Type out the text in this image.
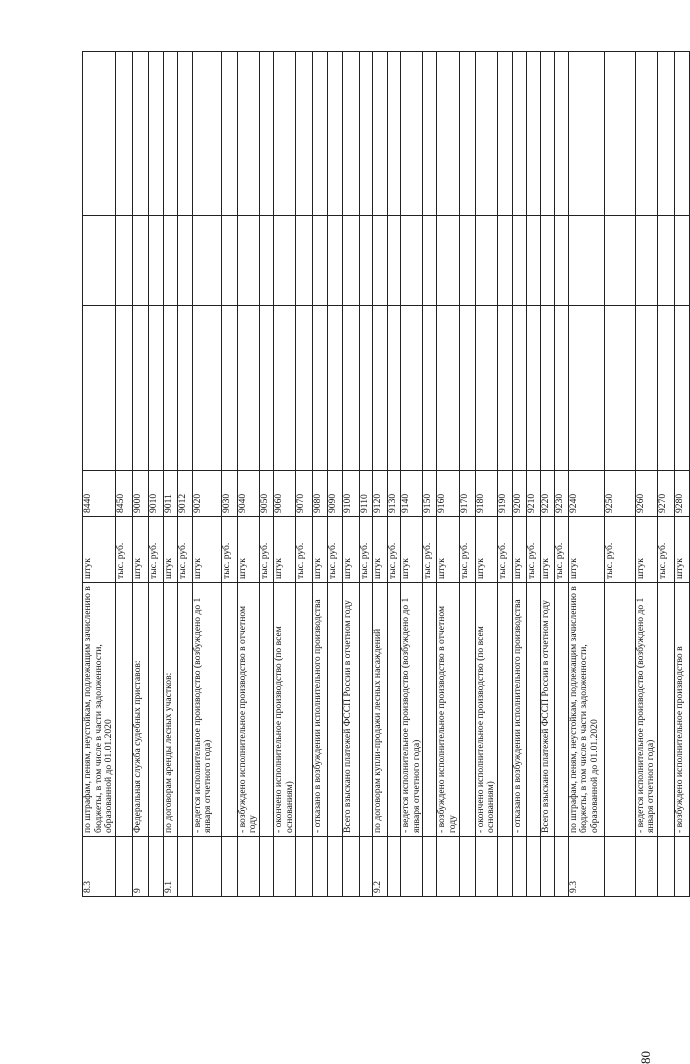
80
8.3	по штрафам, пеням, неустойкам, подлежащим зачислению в бюджеты, в том числе в части задолженности, образованной до 01.01.2020	штук	8440			
		тыс. руб.	8450			
9	Федеральная служба судебных приставов:	штук	9000			
		тыс. руб.	9010			
9.1	по договорам аренды лесных участков:	штук	9011			
		тыс. руб.	9012			
	- ведется исполнительное производство (возбуждено до 1 января отчетного года)	штук	9020			
		тыс. руб.	9030			
	- возбуждено исполнительное производство в отчетном году	штук	9040			
		тыс. руб.	9050			
	- окончено исполнительное производство (по всем основаниям)	штук	9060			
		тыс. руб.	9070			
	- отказано в возбуждении исполнительного производства	штук	9080			
		тыс. руб.	9090			
	Всего взыскано платежей ФССП России в отчетном году	штук	9100			
		тыс. руб.	9110			
9.2	по договорам купли-продажи лесных насаждений	штук	9120			
		тыс. руб.	9130			
	- ведется исполнительное производство (возбуждено до 1 января отчетного года)	штук	9140			
		тыс. руб.	9150			
	- возбуждено исполнительное производство в отчетном году	штук	9160			
		тыс. руб.	9170			
	- окончено исполнительное производство (по всем основаниям)	штук	9180			
		тыс. руб.	9190			
	- отказано в возбуждении исполнительного производства	штук	9200			
		тыс. руб.	9210			
	Всего взыскано платежей ФССП России в отчетном году	штук	9220			
		тыс. руб.	9230			
9.3	по штрафам, пеням, неустойкам, подлежащим зачислению в бюджеты, в том числе в части задолженности, образованной до 01.01.2020	штук	9240			
		тыс. руб.	9250			
	- ведется исполнительное производство (возбуждено до 1 января отчетного года)	штук	9260			
		тыс. руб.	9270			
	- возбуждено исполнительное производство в	штук	9280			
